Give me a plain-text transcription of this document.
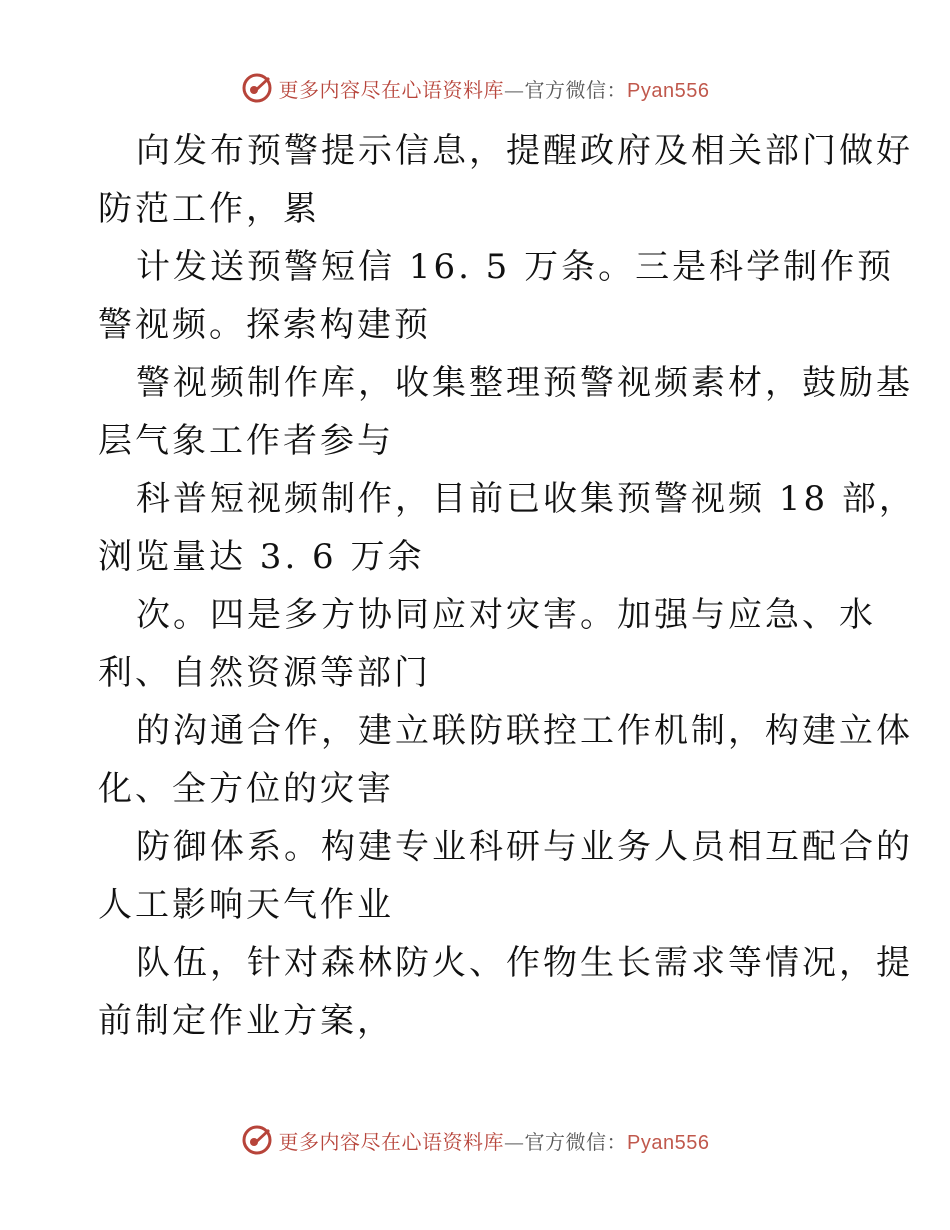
更多内容尽在心语资料库—官方微信：Pyan556
向发布预警提示信息，提醒政府及相关部门做好
防范工作，累
计发送预警短信 16. 5 万条。三是科学制作预
警视频。探索构建预
警视频制作库，收集整理预警视频素材，鼓励基
层气象工作者参与
科普短视频制作，目前已收集预警视频 18 部，
浏览量达 3. 6 万余
次。四是多方协同应对灾害。加强与应急、水
利、自然资源等部门
的沟通合作，建立联防联控工作机制，构建立体
化、全方位的灾害
防御体系。构建专业科研与业务人员相互配合的
人工影响天气作业
队伍，针对森林防火、作物生长需求等情况，提
前制定作业方案，
更多内容尽在心语资料库—官方微信：Pyan556
